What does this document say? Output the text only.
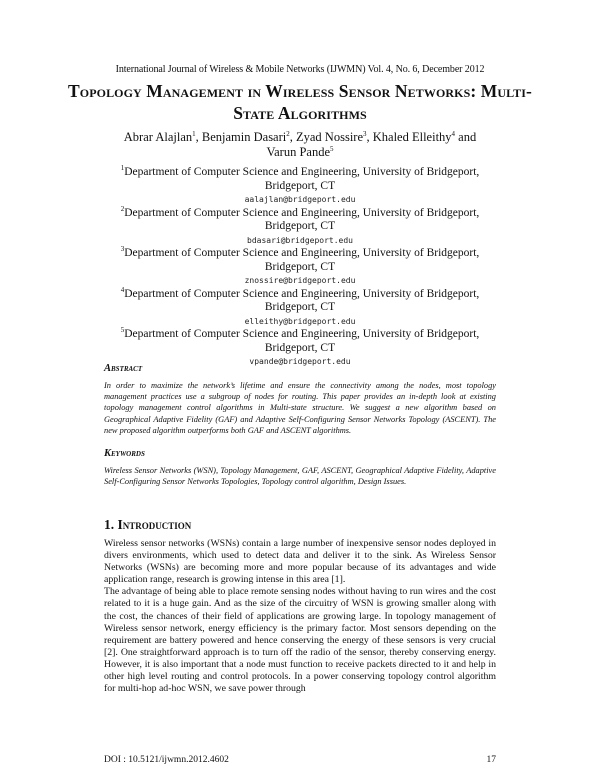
International Journal of Wireless & Mobile Networks (IJWMN) Vol. 4, No. 6, December 2012
Topology Management in Wireless Sensor Networks: Multi-State Algorithms
Abrar Alajlan$^1$, Benjamin Dasari$^2$, Zyad Nossire$^3$, Khaled Elleithy$^4$ and Varun Pande$^5$
$^1$Department of Computer Science and Engineering, University of Bridgeport,
Bridgeport, CT
aalajlan@bridgeport.edu
$^2$Department of Computer Science and Engineering, University of Bridgeport,
Bridgeport, CT
bdasari@bridgeport.edu
$^3$Department of Computer Science and Engineering, University of Bridgeport,
Bridgeport, CT
znossire@bridgeport.edu
$^4$Department of Computer Science and Engineering, University of Bridgeport,
Bridgeport, CT
elleithy@bridgeport.edu
$^5$Department of Computer Science and Engineering, University of Bridgeport,
Bridgeport, CT
vpande@bridgeport.edu
Abstract
In order to maximize the network’s lifetime and ensure the connectivity among the nodes, most topology management practices use a subgroup of nodes for routing. This paper provides an in-depth look at existing topology management control algorithms in Multi-state structure. We suggest a new algorithm based on Geographical Adaptive Fidelity (GAF) and Adaptive Self-Configuring Sensor Networks Topology (ASCENT). The new proposed algorithm outperforms both GAF and ASCENT algorithms.
Keywords
Wireless Sensor Networks (WSN), Topology Management, GAF, ASCENT, Geographical Adaptive Fidelity, Adaptive Self-Configuring Sensor Networks Topologies, Topology control algorithm, Design Issues.
1. Introduction

Wireless sensor networks (WSNs) contain a large number of inexpensive sensor nodes deployed in divers environments, which used to detect data and deliver it to the sink. As Wireless Sensor Networks (WSNs) are becoming more and more popular because of its advantages and wide application range, research is growing intense in this area [1].

The advantage of being able to place remote sensing nodes without having to run wires and the cost related to it is a huge gain. And as the size of the circuitry of WSN is growing smaller along with the cost, the chances of their field of applications are growing large. In topology management of Wireless sensor network, energy efficiency is the primary factor. Most sensors depending on the requirement are battery powered and hence conserving the energy of these sensors is very crucial [2]. One straightforward approach is to turn off the radio of the sensor, thereby conserving energy. However, it is also important that a node must function to receive packets directed to it and help in other high level routing and control protocols. In a power conserving topology control algorithm for multi-hop ad-hoc WSN, we save power through

DOI : 10.5121/ijwmn.2012.4602	17
